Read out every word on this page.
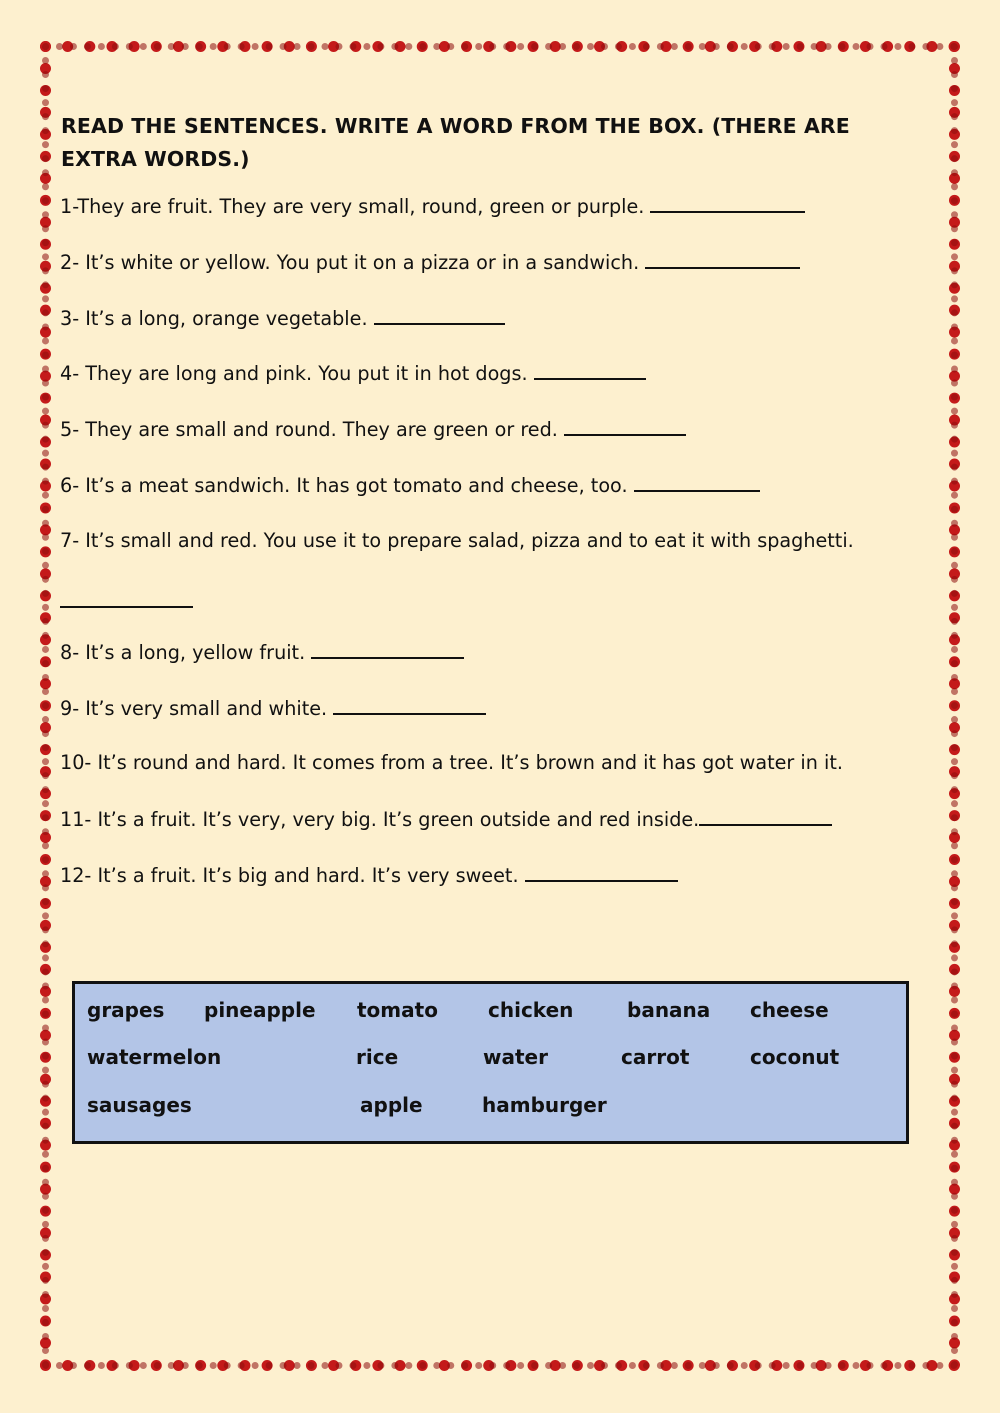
READ THE SENTENCES. WRITE A WORD FROM THE BOX. (THERE ARE EXTRA WORDS.)
1-They are fruit. They are very small, round, green or purple.
2- It’s white or yellow. You put it on a pizza or in a sandwich.
3- It’s a long, orange vegetable.
4- They are long and pink. You put it in hot dogs.
5- They are small and round. They are green or red.
6- It’s a meat sandwich. It has got tomato and cheese, too.
7- It’s small and red. You use it to prepare salad, pizza and to eat it with spaghetti.
8- It’s a long, yellow fruit.
9- It’s very small and white.
10- It’s round and hard. It comes from a tree. It’s brown and it has got water in it.
11- It’s a fruit. It’s very, very big. It’s green outside and red inside.
12- It’s a fruit. It’s big and hard. It’s very sweet.
grapes pineapple tomato	chicken	banana cheese
watermelon	rice	water	carrot	coconut
sausages	apple	hamburger
